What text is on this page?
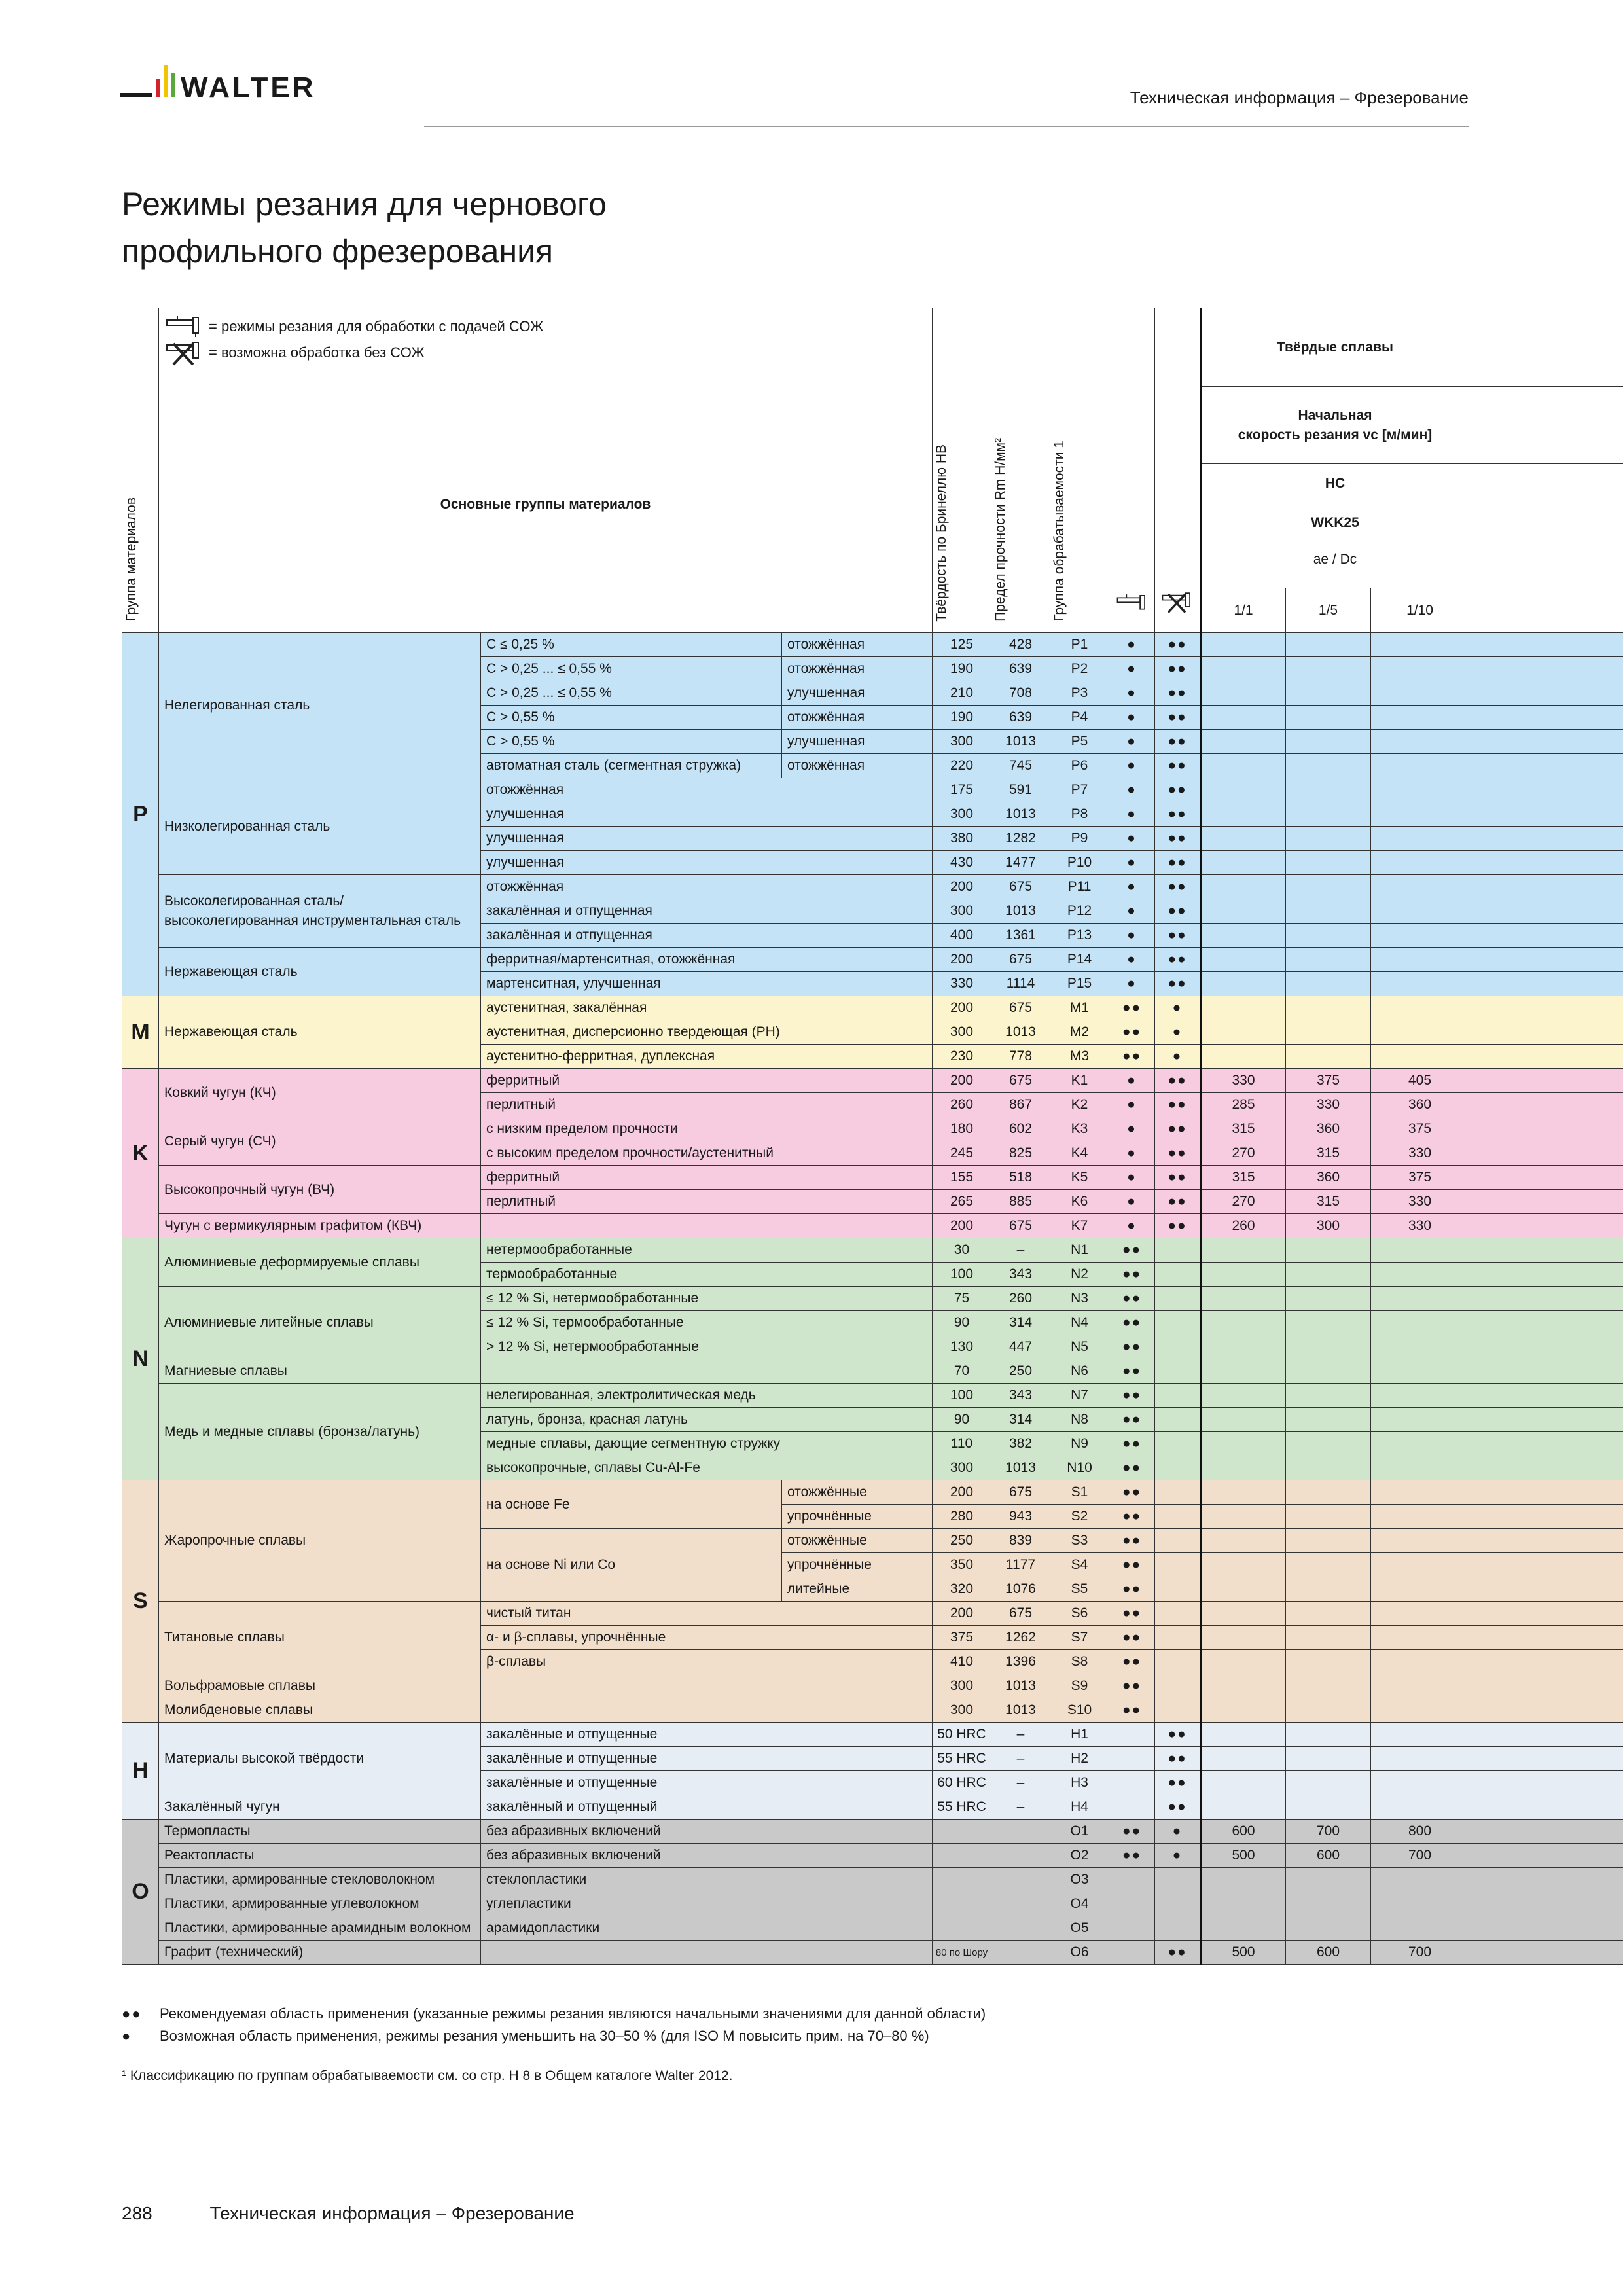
WALTER	Техническая информация – Фрезерование
Режимы резания для чернового
профильного фрезерования
Группа материалов	= режимы резания для обработки с подачей СОЖ
= возможна обработка без СОЖ
Основные группы материалов			Твёрдость по Бринеллю HB	Предел прочности Rm Н/мм²	Группа обрабатываемости 1			Твёрдые сплавы			

									Начальная
скорость резания vc [м/мин]			

									HC
WKK25
ae / Dc			

									1/1	1/5	1/10	
P	Нелегированная сталь	C ≤ 0,25 %	отожжённая	125	428	P1	●	●●				
		C > 0,25 ... ≤ 0,55 %	отожжённая	190	639	P2	●	●●				
		C > 0,25 ... ≤ 0,55 %	улучшенная	210	708	P3	●	●●				
		C > 0,55 %	отожжённая	190	639	P4	●	●●				
		C > 0,55 %	улучшенная	300	1013	P5	●	●●				
		автоматная сталь (сегментная стружка)	отожжённая	220	745	P6	●	●●				
	Низколегированная сталь	отожжённая		175	591	P7	●	●●				
		улучшенная		300	1013	P8	●	●●				
		улучшенная		380	1282	P9	●	●●				
		улучшенная		430	1477	P10	●	●●				
	Высоколегированная сталь/высоколегированная инструментальная сталь	отожжённая		200	675	P11	●	●●				
		закалённая и отпущенная		300	1013	P12	●	●●				
		закалённая и отпущенная		400	1361	P13	●	●●				
	Нержавеющая сталь	ферритная/мартенситная, отожжённая		200	675	P14	●	●●				
		мартенситная, улучшенная		330	1114	P15	●	●●				
M	Нержавеющая сталь	аустенитная, закалённая		200	675	M1	●●	●				
		аустенитная, дисперсионно твердеющая (PH)		300	1013	M2	●●	●				
		аустенитно-ферритная, дуплексная		230	778	M3	●●	●				
K	Ковкий чугун (КЧ)	ферритный		200	675	K1	●	●●	330	375	405	
		перлитный		260	867	K2	●	●●	285	330	360	
	Серый чугун (СЧ)	с низким пределом прочности		180	602	K3	●	●●	315	360	375	
		с высоким пределом прочности/аустенитный		245	825	K4	●	●●	270	315	330	
	Высокопрочный чугун (ВЧ)	ферритный		155	518	K5	●	●●	315	360	375	
		перлитный		265	885	K6	●	●●	270	315	330	
	Чугун с вермикулярным графитом (КВЧ)			200	675	K7	●	●●	260	300	330	
N	Алюминиевые деформируемые сплавы	нетермообработанные		30	–	N1	●●					
		термообработанные		100	343	N2	●●					
	Алюминиевые литейные сплавы	≤ 12 % Si, нетермообработанные		75	260	N3	●●					
		≤ 12 % Si, термообработанные		90	314	N4	●●					
		> 12 % Si, нетермообработанные		130	447	N5	●●					
	Магниевые сплавы			70	250	N6	●●					
	Медь и медные сплавы (бронза/латунь)	нелегированная, электролитическая медь		100	343	N7	●●					
		латунь, бронза, красная латунь		90	314	N8	●●					
		медные сплавы, дающие сегментную стружку		110	382	N9	●●					
		высокопрочные, сплавы Cu-Al-Fe		300	1013	N10	●●					
S	Жаропрочные сплавы	на основе Fe	отожжённые	200	675	S1	●●					
			упрочнённые	280	943	S2	●●					
		на основе Ni или Co	отожжённые	250	839	S3	●●					
			упрочнённые	350	1177	S4	●●					
			литейные	320	1076	S5	●●					
	Титановые сплавы	чистый титан		200	675	S6	●●					
		α- и β-сплавы, упрочнённые		375	1262	S7	●●					
		β-сплавы		410	1396	S8	●●					
	Вольфрамовые сплавы			300	1013	S9	●●					
	Молибденовые сплавы			300	1013	S10	●●					
H	Материалы высокой твёрдости	закалённые и отпущенные		50 HRC	–	H1		●●				
		закалённые и отпущенные		55 HRC	–	H2		●●				
		закалённые и отпущенные		60 HRC	–	H3		●●				
	Закалённый чугун	закалённый и отпущенный		55 HRC	–	H4		●●				
O	Термопласты	без абразивных включений				O1	●●	●	600	700	800	
	Реактопласты	без абразивных включений				O2	●●	●	500	600	700	
	Пластики, армированные стекловолокном	стеклопластики				O3						
	Пластики, армированные углеволокном	углепластики				O4						
	Пластики, армированные арамидным волокном	арамидопластики				O5						
	Графит (технический)			80 по Шору		O6		●●	500	600	700	
●●	Рекомендуемая область применения (указанные режимы резания являются начальными значениями для данной области)
●	Возможная область применения, режимы резания уменьшить на 30–50 % (для ISO M повысить прим. на 70–80 %)
¹ Классификацию по группам обрабатываемости см. со стр. H 8 в Общем каталоге Walter 2012.
288	Техническая информация – Фрезерование
